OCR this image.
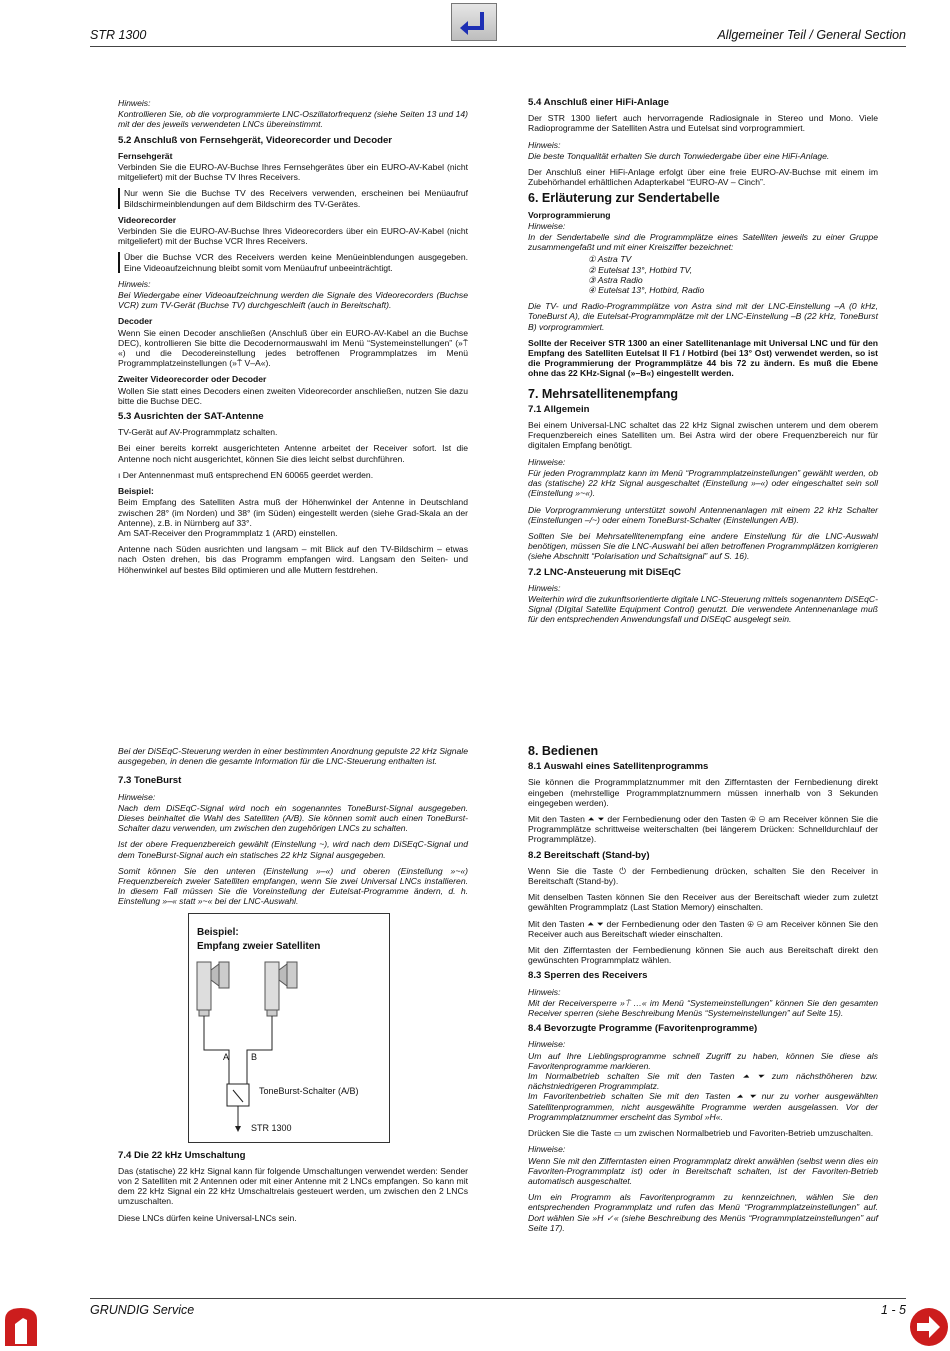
STR 1300	Allgemeiner Teil / General Section
Hinweis:

Kontrollieren Sie, ob die vorprogrammierte LNC-Oszillatorfrequenz (siehe Seiten 13 und 14) mit der des jeweils verwendeten LNCs übereinstimmt.

5.2 Anschluß von Fernsehgerät, Videorecorder und Decoder
Fernsehgerät

Verbinden Sie die EURO-AV-Buchse Ihres Fernsehgerätes über ein EURO-AV-Kabel (nicht mitgeliefert) mit der Buchse TV Ihres Receivers.

Nur wenn Sie die Buchse TV des Receivers verwenden, erscheinen bei Menüaufruf Bildschirmeinblendungen auf dem Bildschirm des TV-Gerätes.

Videorecorder

Verbinden Sie die EURO-AV-Buchse Ihres Videorecorders über ein EURO-AV-Kabel (nicht mitgeliefert) mit der Buchse VCR Ihres Receivers.

Über die Buchse VCR des Receivers werden keine Menüeinblendungen ausgegeben. Eine Videoaufzeichnung bleibt somit vom Menüaufruf unbeeinträchtigt.

Hinweis:

Bei Wiedergabe einer Videoaufzeichnung werden die Signale des Videorecorders (Buchse VCR) zum TV-Gerät (Buchse TV) durchgeschleift (auch in Bereitschaft).

Decoder

Wenn Sie einen Decoder anschließen (Anschluß über ein EURO-AV-Kabel an die Buchse DEC), kontrollieren Sie bitte die Decodernormauswahl im Menü “Systemeinstellungen” (»⍑ «) und die Decodereinstellung jedes betroffenen Programmplatzes im Menü Programmplatzeinstellungen (»⍑ V–A«).

Zweiter Videorecorder oder Decoder

Wollen Sie statt eines Decoders einen zweiten Videorecorder anschließen, nutzen Sie dazu bitte die Buchse DEC.

5.3 Ausrichten der SAT-Antenne

TV-Gerät auf AV-Programmplatz schalten.

Bei einer bereits korrekt ausgerichteten Antenne arbeitet der Receiver sofort. Ist die Antenne noch nicht ausgerichtet, können Sie dies leicht selbst durchführen.

ı Der Antennenmast muß entsprechend EN 60065 geerdet werden.

Beispiel:

Beim Empfang des Satelliten Astra muß der Höhenwinkel der Antenne in Deutschland zwischen 28° (im Norden) und 38° (im Süden) eingestellt werden (siehe Grad-Skala an der Antenne), z.B. in Nürnberg auf 33°.

Am SAT-Receiver den Programmplatz 1 (ARD) einstellen.

Antenne nach Süden ausrichten und langsam – mit Blick auf den TV-Bildschirm – etwas nach Osten drehen, bis das Programm empfangen wird. Langsam den Seiten- und Höhenwinkel auf bestes Bild optimieren und alle Muttern festdrehen.

5.4 Anschluß einer HiFi-Anlage

Der STR 1300 liefert auch hervorragende Radiosignale in Stereo und Mono. Viele Radioprogramme der Satelliten Astra und Eutelsat sind vorprogrammiert.

Hinweis:

Die beste Tonqualität erhalten Sie durch Tonwiedergabe über eine HiFi-Anlage.

Der Anschluß einer HiFi-Anlage erfolgt über eine freie EURO-AV-Buchse mit einem im Zubehörhandel erhältlichen Adapterkabel “EURO-AV – Cinch”.

6. Erläuterung zur Sendertabelle
Vorprogrammierung
Hinweise:

In der Sendertabelle sind die Programmplätze eines Satelliten jeweils zu einer Gruppe zusammengefaßt und mit einer Kreisziffer bezeichnet:

① Astra TV
② Eutelsat 13°, Hotbird TV,
③ Astra Radio
④ Eutelsat 13°, Hotbird, Radio

Die TV- und Radio-Programmplätze von Astra sind mit der LNC-Einstellung –A (0 kHz, ToneBurst A), die Eutelsat-Programmplätze mit der LNC-Einstellung –B (22 kHz, ToneBurst B) vorprogrammiert.

Sollte der Receiver STR 1300 an einer Satellitenanlage mit Universal LNC und für den Empfang des Satelliten Eutelsat II F1 / Hotbird (bei 13° Ost) verwendet werden, so ist die Programmierung der Programmplätze 44 bis 72 zu ändern. Es muß die Ebene ohne das 22 KHz-Signal (»–B«) eingestellt werden.

7. Mehrsatellitenempfang
7.1 Allgemein

Bei einem Universal-LNC schaltet das 22 kHz Signal zwischen unterem und dem oberem Frequenzbereich eines Satelliten um. Bei Astra wird der obere Frequenzbereich nur für digitalen Empfang benötigt.

Hinweise:

Für jeden Programmplatz kann im Menü “Programmplatzeinstellungen” gewählt werden, ob das (statische) 22 kHz Signal ausgeschaltet (Einstellung »–«) oder eingeschaltet sein soll (Einstellung »~«).

Die Vorprogrammierung unterstützt sowohl Antennenanlagen mit einem 22 kHz Schalter (Einstellungen –/~) oder einem ToneBurst-Schalter (Einstellungen A/B).

Sollten Sie bei Mehrsatellitenempfang eine andere Einstellung für die LNC-Auswahl benötigen, müssen Sie die LNC-Auswahl bei allen betroffenen Programmplätzen korrigieren (siehe Abschnitt “Polarisation und Schaltsignal” auf S. 16).

7.2 LNC-Ansteuerung mit DiSEqC
Hinweis:

Weiterhin wird die zukunftsorientierte digitale LNC-Steuerung mittels sogenanntem DiSEqC-Signal (DIgital Satellite Equipment Control) genutzt. Die verwendete Antennenanlage muß für den entsprechenden Anwendungsfall und DiSEqC ausgelegt sein.

Bei der DiSEqC-Steuerung werden in einer bestimmten Anordnung gepulste 22 kHz Signale ausgegeben, in denen die gesamte Information für die LNC-Steuerung enthalten ist.

7.3 ToneBurst
Hinweise:

Nach dem DiSEqC-Signal wird noch ein sogenanntes ToneBurst-Signal ausgegeben. Dieses beinhaltet die Wahl des Satelliten (A/B). Sie können somit auch einen ToneBurst-Schalter dazu verwenden, um zwischen den zugehörigen LNCs zu schalten.

Ist der obere Frequenzbereich gewählt (Einstellung ~), wird nach dem DiSEqC-Signal und dem ToneBurst-Signal auch ein statisches 22 kHz Signal ausgegeben.

Somit können Sie den unteren (Einstellung »–«) und oberen (Einstellung »~«) Frequenzbereich zweier Satelliten empfangen, wenn Sie zwei Universal LNCs installieren. In diesem Fall müssen Sie die Voreinstellung der Eutelsat-Programme ändern, d. h. Einstellung »–« statt »~« bei der LNC-Auswahl.

Beispiel:
Empfang zweier Satelliten
A B
ToneBurst-Schalter (A/B)
STR 1300
7.4 Die 22 kHz Umschaltung

Das (statische) 22 kHz Signal kann für folgende Umschaltungen verwendet werden: Sender von 2 Satelliten mit 2 Antennen oder mit einer Antenne mit 2 LNCs empfangen. So kann mit dem 22 kHz Signal ein 22 kHz Umschaltrelais gesteuert werden, um zwischen den 2 LNCs umzuschalten.

Diese LNCs dürfen keine Universal-LNCs sein.

8. Bedienen
8.1 Auswahl eines Satellitenprogramms

Sie können die Programmplatznummer mit den Zifferntasten der Fernbedienung direkt eingeben (mehrstellige Programmplatznummern müssen innerhalb von 3 Sekunden eingegeben werden).

Mit den Tasten ⏶ ⏷ der Fernbedienung oder den Tasten ⊕ ⊖ am Receiver können Sie die Programmplätze schrittweise weiterschalten (bei längerem Drücken: Schnelldurchlauf der Programmplätze).

8.2 Bereitschaft (Stand-by)

Wenn Sie die Taste ⏻ der Fernbedienung drücken, schalten Sie den Receiver in Bereitschaft (Stand-by).

Mit denselben Tasten können Sie den Receiver aus der Bereitschaft wieder zum zuletzt gewählten Programmplatz (Last Station Memory) einschalten.

Mit den Tasten ⏶ ⏷ der Fernbedienung oder den Tasten ⊕ ⊖ am Receiver können Sie den Receiver auch aus Bereitschaft wieder einschalten.

Mit den Zifferntasten der Fernbedienung können Sie auch aus Bereitschaft direkt den gewünschten Programmplatz wählen.

8.3 Sperren des Receivers
Hinweis:

Mit der Receiversperre »⍑ …« im Menü “Systemeinstellungen” können Sie den gesamten Receiver sperren (siehe Beschreibung Menüs “Systemeinstellungen” auf Seite 15).

8.4 Bevorzugte Programme (Favoritenprogramme)
Hinweise:

Um auf Ihre Lieblingsprogramme schnell Zugriff zu haben, können Sie diese als Favoritenprogramme markieren.

Im Normalbetrieb schalten Sie mit den Tasten ⏶ ⏷ zum nächsthöheren bzw. nächstniedrigeren Programmplatz.

Im Favoritenbetrieb schalten Sie mit den Tasten ⏶ ⏷ nur zu vorher ausgewählten Satellitenprogrammen, nicht ausgewählte Programme werden ausgelassen. Vor der Programmplatznummer erscheint das Symbol »H«.

Drücken Sie die Taste ▭ um zwischen Normalbetrieb und Favoriten-Betrieb umzuschalten.

Hinweise:

Wenn Sie mit den Zifferntasten einen Programmplatz direkt anwählen (selbst wenn dies ein Favoriten-Programmplatz ist) oder in Bereitschaft schalten, ist der Favoriten-Betrieb automatisch ausgeschaltet.

Um ein Programm als Favoritenprogramm zu kennzeichnen, wählen Sie den entsprechenden Programmplatz und rufen das Menü “Programmplatzeinstellungen” auf. Dort wählen Sie »H ✓« (siehe Beschreibung des Menüs “Programmplatzeinstellungen” auf Seite 17).

GRUNDIG Service	1 - 5
